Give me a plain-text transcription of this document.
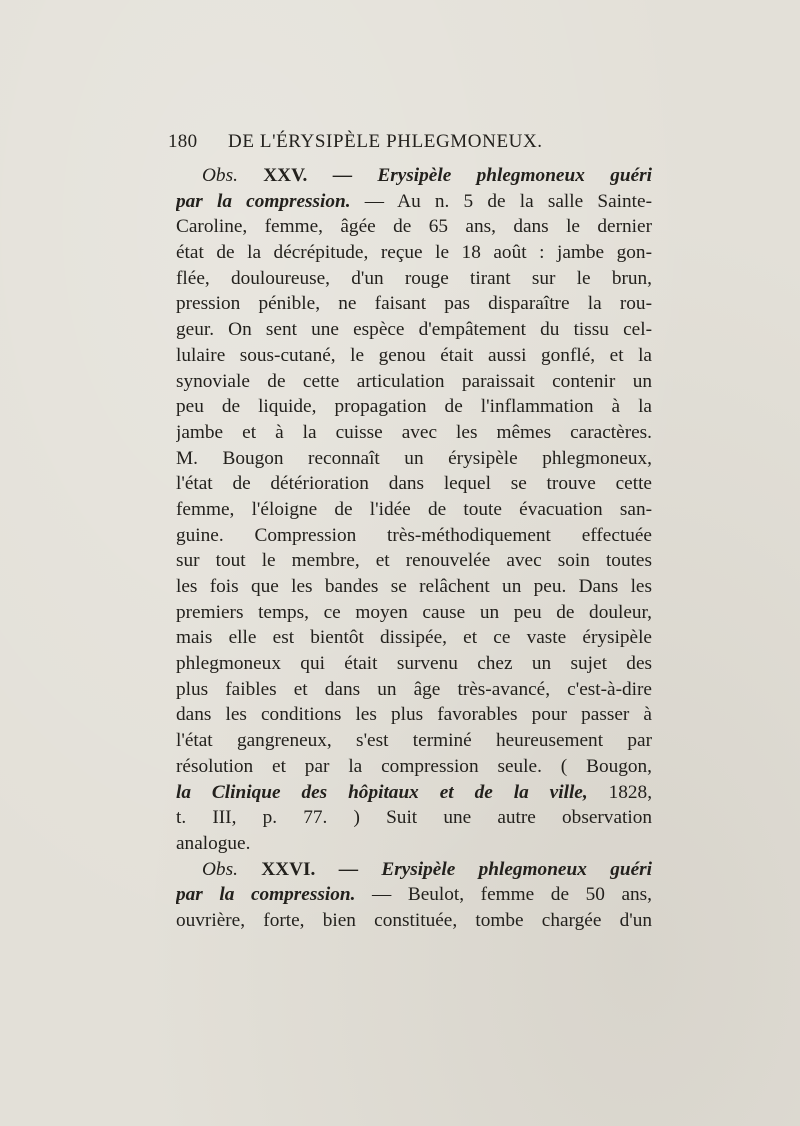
180 DE L'ÉRYSIPÈLE PHLEGMONEUX.
Obs. XXV. — Erysipèle phlegmoneux guéri
par la compression. — Au n. 5 de la salle Sainte-
Caroline, femme, âgée de 65 ans, dans le dernier
état de la décrépitude, reçue le 18 août : jambe gon-
flée, douloureuse, d'un rouge tirant sur le brun,
pression pénible, ne faisant pas disparaître la rou-
geur. On sent une espèce d'empâtement du tissu cel-
lulaire sous-cutané, le genou était aussi gonflé, et la
synoviale de cette articulation paraissait contenir un
peu de liquide, propagation de l'inflammation à la
jambe et à la cuisse avec les mêmes caractères.
M. Bougon reconnaît un érysipèle phlegmoneux,
l'état de détérioration dans lequel se trouve cette
femme, l'éloigne de l'idée de toute évacuation san-
guine. Compression très-méthodiquement effectuée
sur tout le membre, et renouvelée avec soin toutes
les fois que les bandes se relâchent un peu. Dans les
premiers temps, ce moyen cause un peu de douleur,
mais elle est bientôt dissipée, et ce vaste érysipèle
phlegmoneux qui était survenu chez un sujet des
plus faibles et dans un âge très-avancé, c'est-à-dire
dans les conditions les plus favorables pour passer à
l'état gangreneux, s'est terminé heureusement par
résolution et par la compression seule. ( Bougon,
la Clinique des hôpitaux et de la ville, 1828,
t. III, p. 77. ) Suit une autre observation
analogue.
Obs. XXVI. — Erysipèle phlegmoneux guéri
par la compression. — Beulot, femme de 50 ans,
ouvrière, forte, bien constituée, tombe chargée d'un
